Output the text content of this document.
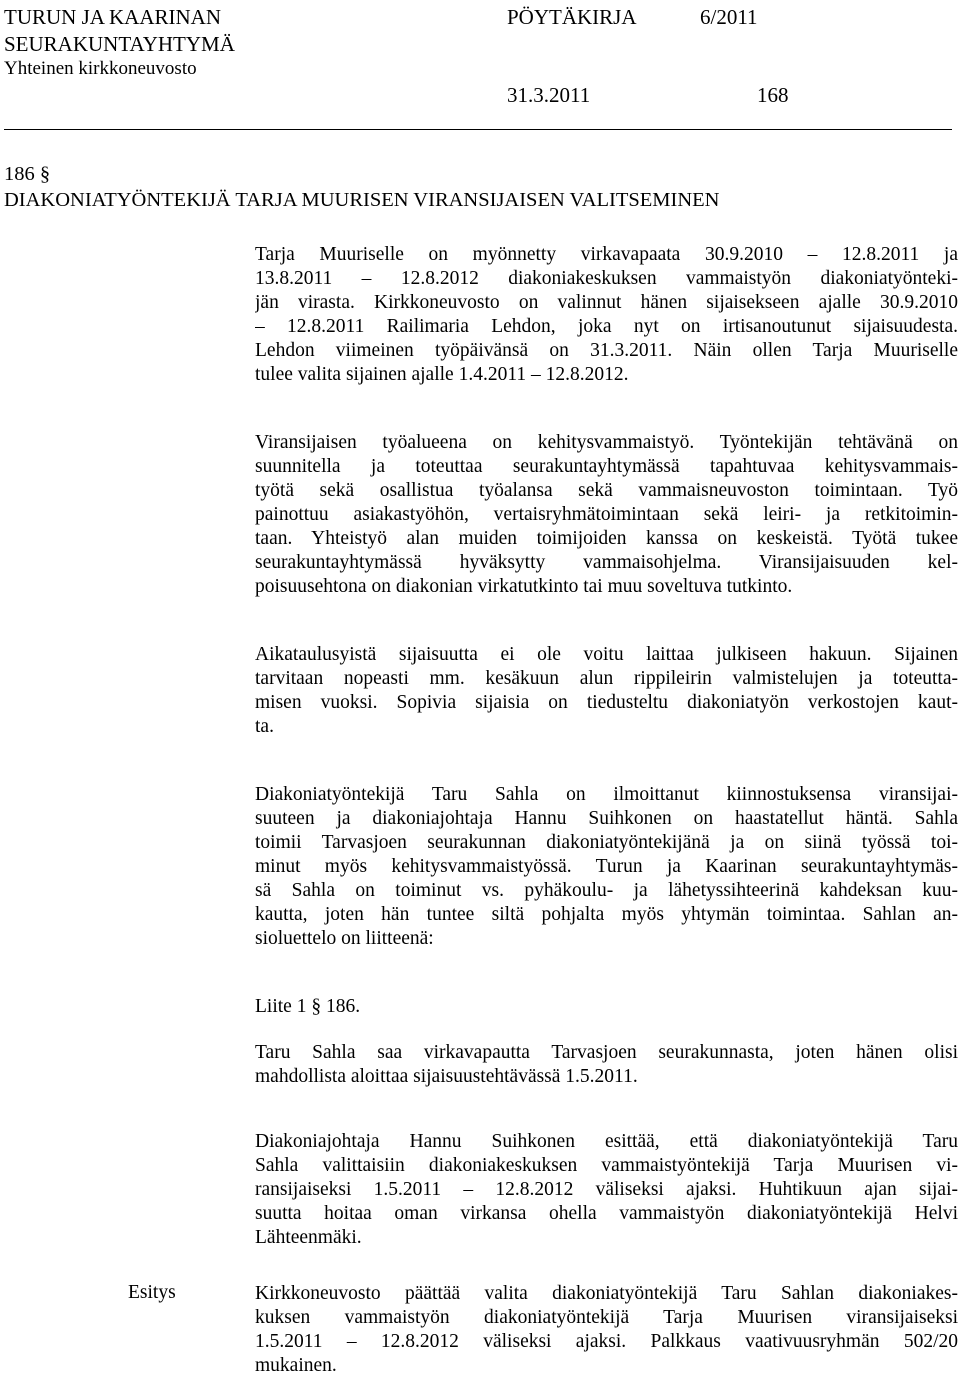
TURUN JA KAARINAN
SEURAKUNTAYHTYMÄ
Yhteinen kirkkoneuvosto
PÖYTÄKIRJA	6/2011
31.3.2011	168
186 §
DIAKONIATYÖNTEKIJÄ TARJA MUURISEN VIRANSIJAISEN VALITSEMINEN
Tarja Muuriselle on myönnetty virkavapaata 30.9.2010 – 12.8.2011 ja
13.8.2011 – 12.8.2012 diakoniakeskuksen vammaistyön diakoniatyönteki-
jän virasta. Kirkkoneuvosto on valinnut hänen sijaisekseen ajalle 30.9.2010
– 12.8.2011 Railimaria Lehdon, joka nyt on irtisanoutunut sijaisuudesta.
Lehdon viimeinen työpäivänsä on 31.3.2011. Näin ollen Tarja Muuriselle
tulee valita sijainen ajalle 1.4.2011 – 12.8.2012.
Viransijaisen työalueena on kehitysvammaistyö. Työntekijän tehtävänä on
suunnitella ja toteuttaa seurakuntayhtymässä tapahtuvaa kehitysvammais-
työtä sekä osallistua työalansa sekä vammaisneuvoston toimintaan. Työ
painottuu asiakastyöhön, vertaisryhmätoimintaan sekä leiri- ja retkitoimin-
taan. Yhteistyö alan muiden toimijoiden kanssa on keskeistä. Työtä tukee
seurakuntayhtymässä hyväksytty vammaisohjelma. Viransijaisuuden kel-
poisuusehtona on diakonian virkatutkinto tai muu soveltuva tutkinto.
Aikataulusyistä sijaisuutta ei ole voitu laittaa julkiseen hakuun. Sijainen
tarvitaan nopeasti mm. kesäkuun alun rippileirin valmistelujen ja toteutta-
misen vuoksi. Sopivia sijaisia on tiedusteltu diakoniatyön verkostojen kaut-
ta.
Diakoniatyöntekijä Taru Sahla on ilmoittanut kiinnostuksensa viransijai-
suuteen ja diakoniajohtaja Hannu Suihkonen on haastatellut häntä. Sahla
toimii Tarvasjoen seurakunnan diakoniatyöntekijänä ja on siinä työssä toi-
minut myös kehitysvammaistyössä. Turun ja Kaarinan seurakuntayhtymäs-
sä Sahla on toiminut vs. pyhäkoulu- ja lähetyssihteerinä kahdeksan kuu-
kautta, joten hän tuntee siltä pohjalta myös yhtymän toimintaa. Sahlan an-
sioluettelo on liitteenä:
Liite 1 § 186.
Taru Sahla saa virkavapautta Tarvasjoen seurakunnasta, joten hänen olisi
mahdollista aloittaa sijaisuustehtävässä 1.5.2011.
Diakoniajohtaja Hannu Suihkonen esittää, että diakoniatyöntekijä Taru
Sahla valittaisiin diakoniakeskuksen vammaistyöntekijä Tarja Muurisen vi-
ransijaiseksi 1.5.2011 – 12.8.2012 väliseksi ajaksi. Huhtikuun ajan sijai-
suutta hoitaa oman virkansa ohella vammaistyön diakoniatyöntekijä Helvi
Lähteenmäki.
Esitys	Kirkkoneuvosto päättää valita diakoniatyöntekijä Taru Sahlan diakoniakes-
kuksen vammaistyön diakoniatyöntekijä Tarja Muurisen viransijaiseksi
1.5.2011 – 12.8.2012 väliseksi ajaksi. Palkkaus vaativuusryhmän 502/20
mukainen.
